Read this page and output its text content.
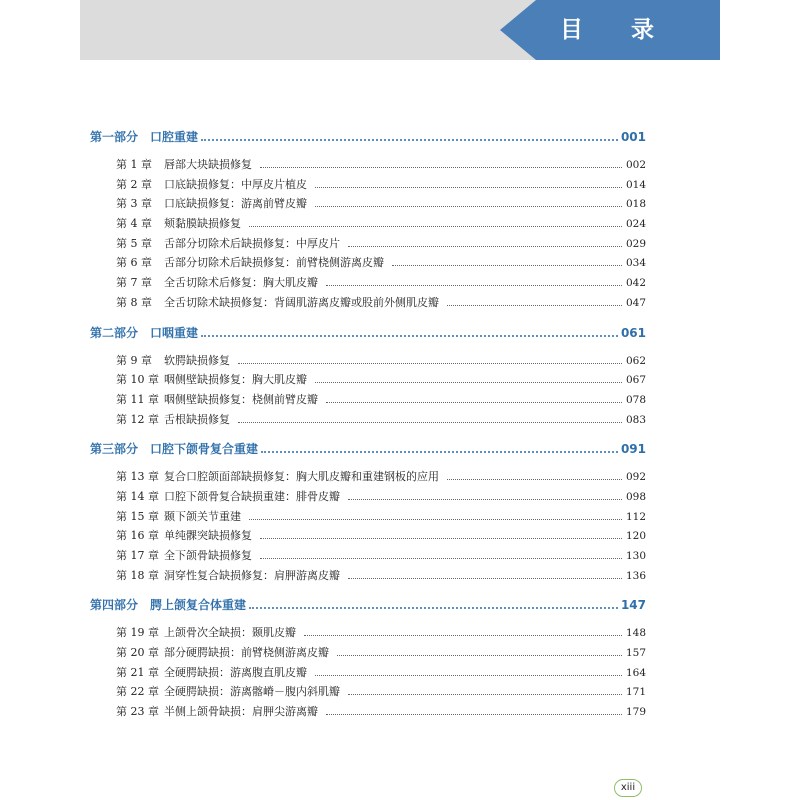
目 录
第一部分 口腔重建	001
第 1 章	唇部大块缺损修复	002
第 2 章	口底缺损修复：中厚皮片植皮	014
第 3 章	口底缺损修复：游离前臂皮瓣	018
第 4 章	颊黏膜缺损修复	024
第 5 章	舌部分切除术后缺损修复：中厚皮片	029
第 6 章	舌部分切除术后缺损修复：前臂桡侧游离皮瓣	034
第 7 章	全舌切除术后修复：胸大肌皮瓣	042
第 8 章	全舌切除术缺损修复：背阔肌游离皮瓣或股前外侧肌皮瓣	047
第二部分 口咽重建	061
第 9 章	软腭缺损修复	062
第 10 章 咽侧壁缺损修复：胸大肌皮瓣	067
第 11 章 咽侧壁缺损修复：桡侧前臂皮瓣	078
第 12 章 舌根缺损修复	083
第三部分 口腔下颌骨复合重建	091
第 13 章 复合口腔颌面部缺损修复：胸大肌皮瓣和重建钢板的应用	092
第 14 章 口腔下颌骨复合缺损重建：腓骨皮瓣	098
第 15 章 颞下颌关节重建	112
第 16 章 单纯髁突缺损修复	120
第 17 章 全下颌骨缺损修复	130
第 18 章 洞穿性复合缺损修复：肩胛游离皮瓣	136
第四部分 腭上颌复合体重建	147
第 19 章 上颌骨次全缺损：颞肌皮瓣	148
第 20 章 部分硬腭缺损：前臂桡侧游离皮瓣	157
第 21 章 全硬腭缺损：游离腹直肌皮瓣	164
第 22 章 全硬腭缺损：游离髂嵴－腹内斜肌瓣	171
第 23 章 半侧上颌骨缺损：肩胛尖游离瓣	179
xiii
